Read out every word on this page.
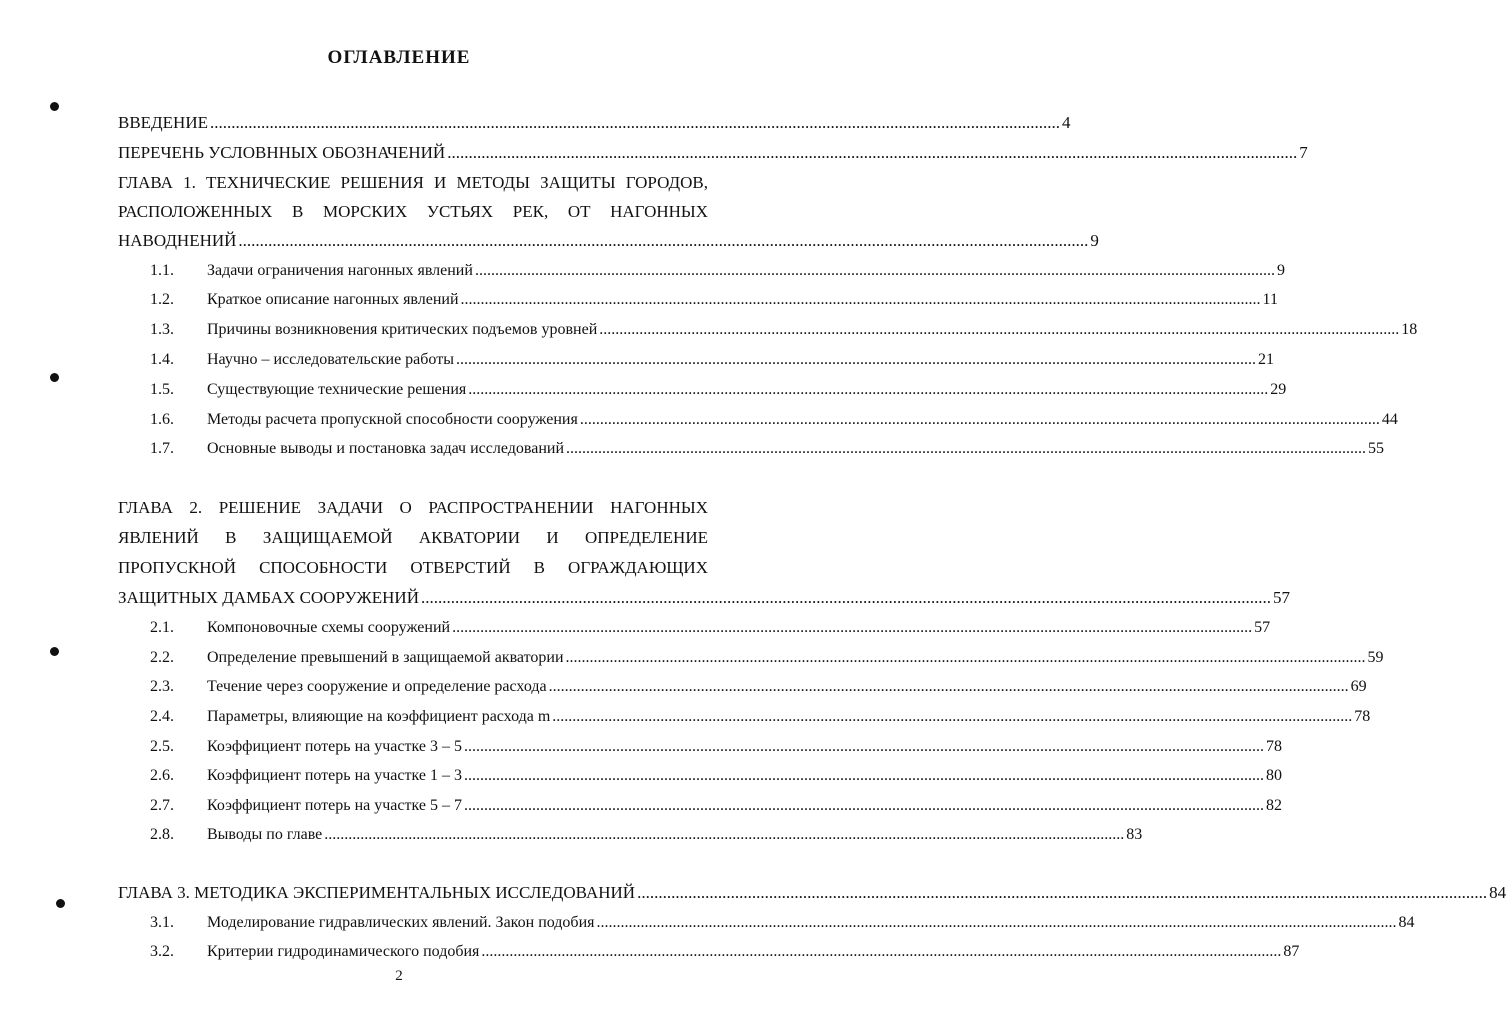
ОГЛАВЛЕНИЕ
ВВЕДЕНИЕ ........................................................................................................................................................................................................ 4
ПЕРЕЧЕНЬ УСЛОВННЫХ ОБОЗНАЧЕНИЙ ........................................................................................................................................................................................................ 7
ГЛАВА 1. ТЕХНИЧЕСКИЕ РЕШЕНИЯ И МЕТОДЫ ЗАЩИТЫ ГОРОДОВ,
РАСПОЛОЖЕННЫХ В МОРСКИХ УСТЬЯХ РЕК, ОТ НАГОННЫХ
НАВОДНЕНИЙ ........................................................................................................................................................................................................ 9
1.1.	Задачи ограничения нагонных явлений ........................................................................................................................................................................................................ 9
1.2.	Краткое описание нагонных явлений ........................................................................................................................................................................................................ 11
1.3.	Причины возникновения критических подъемов уровней ........................................................................................................................................................................................................ 18
1.4.	Научно – исследовательские работы ........................................................................................................................................................................................................ 21
1.5.	Существующие технические решения ........................................................................................................................................................................................................ 29
1.6.	Методы расчета пропускной способности сооружения ........................................................................................................................................................................................................ 44
1.7.	Основные выводы и постановка задач исследований ........................................................................................................................................................................................................ 55
ГЛАВА 2. РЕШЕНИЕ ЗАДАЧИ О РАСПРОСТРАНЕНИИ НАГОННЫХ
ЯВЛЕНИЙ В ЗАЩИЩАЕМОЙ АКВАТОРИИ И ОПРЕДЕЛЕНИЕ
ПРОПУСКНОЙ СПОСОБНОСТИ ОТВЕРСТИЙ В ОГРАЖДАЮЩИХ
ЗАЩИТНЫХ ДАМБАХ СООРУЖЕНИЙ ........................................................................................................................................................................................................ 57
2.1.	Компоновочные схемы сооружений ........................................................................................................................................................................................................ 57
2.2.	Определение превышений в защищаемой акватории ........................................................................................................................................................................................................ 59
2.3.	Течение через сооружение и определение расхода ........................................................................................................................................................................................................ 69
2.4.	Параметры, влияющие на коэффициент расхода m ........................................................................................................................................................................................................ 78
2.5.	Коэффициент потерь на участке 3 – 5 ........................................................................................................................................................................................................ 78
2.6.	Коэффициент потерь на участке 1 – 3 ........................................................................................................................................................................................................ 80
2.7.	Коэффициент потерь на участке 5 – 7 ........................................................................................................................................................................................................ 82
2.8.	Выводы по главе ........................................................................................................................................................................................................ 83
ГЛАВА 3. МЕТОДИКА ЭКСПЕРИМЕНТАЛЬНЫХ ИССЛЕДОВАНИЙ ........................................................................................................................................................................................................ 84
3.1.	Моделирование гидравлических явлений. Закон подобия ........................................................................................................................................................................................................ 84
3.2.	Критерии гидродинамического подобия ........................................................................................................................................................................................................ 87
2
